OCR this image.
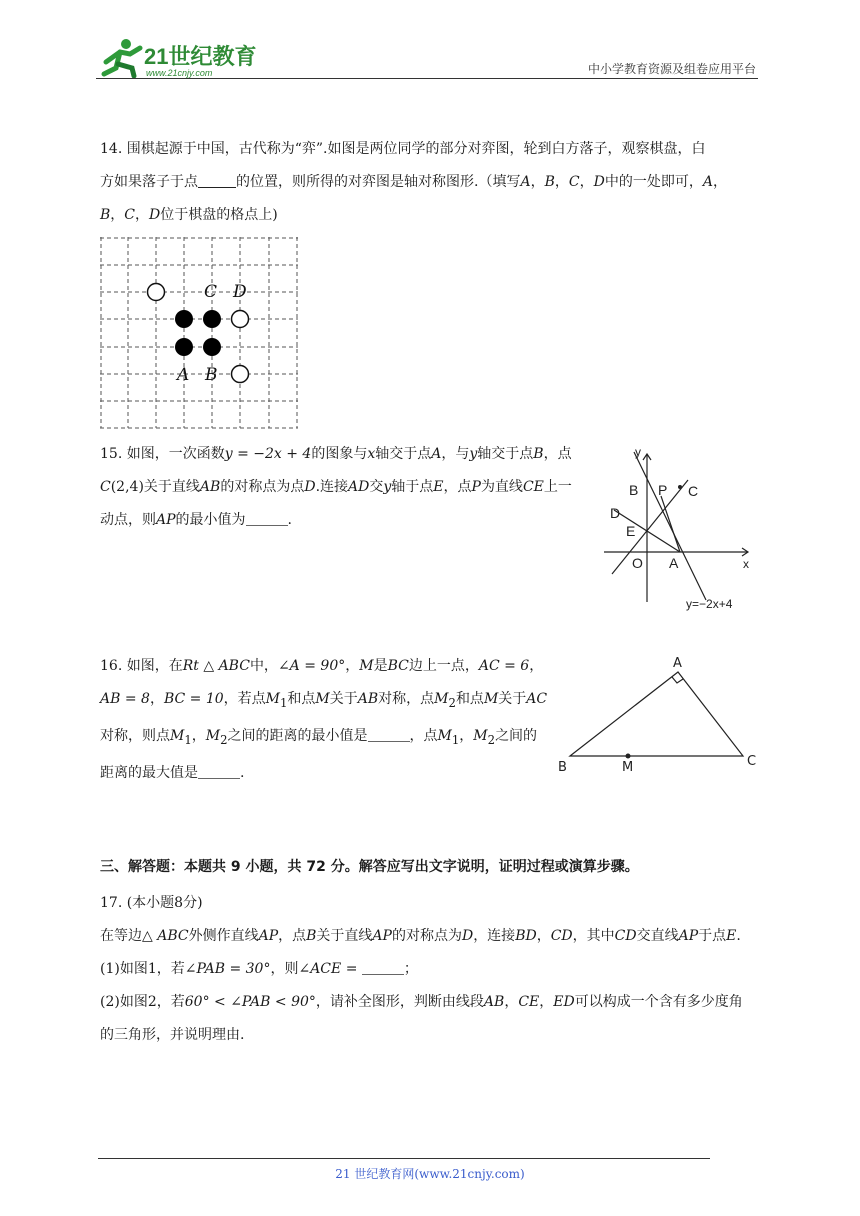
21世纪教育
www.21cnjy.com	中小学教育资源及组卷应用平台
14. 围棋起源于中国，古代称为“弈”.如图是两位同学的部分对弈图，轮到白方落子，观察棋盘，白
方如果落子于点	的位置，则所得的对弈图是轴对称图形.（填写A，B，C，D中的一处即可，A，
B，C，D位于棋盘的格点上)
C D
A B
15. 如图，一次函数y = −2x + 4的图象与x轴交于点A，与y轴交于点B，点
C(2,4)关于直线AB的对称点为点D.连接AD交y轴于点E，点P为直线CE上一
动点，则AP的最小值为	.
y
x
B P C
D
E
O A
y=−2x+4
16. 如图，在Rt △ ABC中，∠A = 90°，M是BC边上一点，AC = 6，
AB = 8，BC = 10，若点$M_1$和点M关于AB对称，点$M_2$和点M关于AC
对称，则点$M_1$，$M_2$之间的距离的最小值是	，点$M_1$，$M_2$之间的
距离的最大值是	.
A
B	M	C
三、解答题：本题共 9 小题，共 72 分。解答应写出文字说明，证明过程或演算步骤。
17. (本小题8分)
在等边△ ABC外侧作直线AP，点B关于直线AP的对称点为D，连接BD，CD，其中CD交直线AP于点E.
(1)如图1，若∠PAB = 30°，则∠ACE =	；
(2)如图2，若60° < ∠PAB < 90°，请补全图形，判断由线段AB，CE，ED可以构成一个含有多少度角
的三角形，并说明理由.
21 世纪教育网(www.21cnjy.com)
